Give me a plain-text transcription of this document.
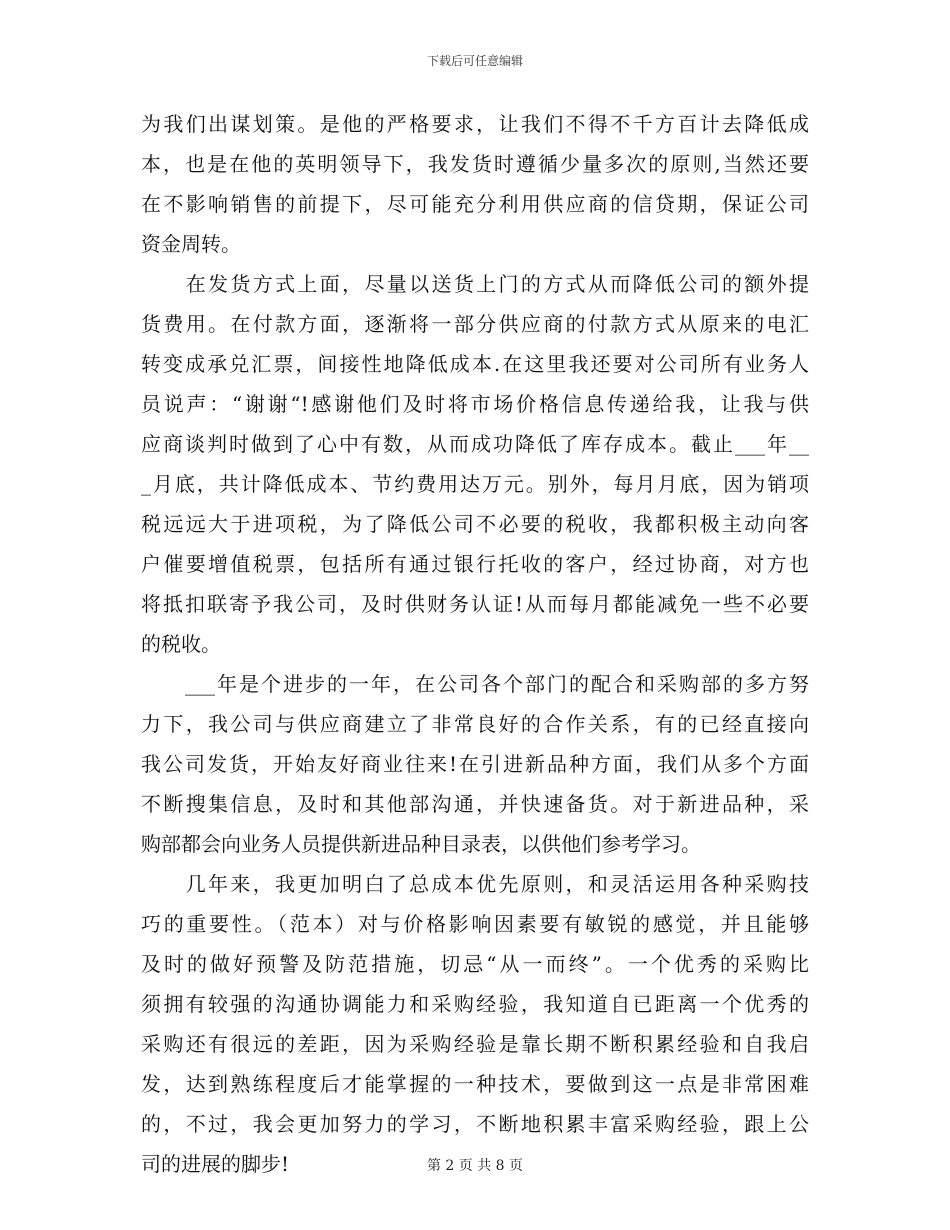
下载后可任意编辑
为我们出谋划策。是他的严格要求，让我们不得不千方百计去降低成
本，也是在他的英明领导下，我发货时遵循少量多次的原则,当然还要
在不影响销售的前提下，尽可能充分利用供应商的信贷期，保证公司
资金周转。
　　在发货方式上面，尽量以送货上门的方式从而降低公司的额外提
货费用。在付款方面，逐渐将一部分供应商的付款方式从原来的电汇
转变成承兑汇票，间接性地降低成本.在这里我还要对公司所有业务人
员说声：“谢谢“!感谢他们及时将市场价格信息传递给我，让我与供
应商谈判时做到了心中有数，从而成功降低了库存成本。截止___年__
_月底，共计降低成本、节约费用达万元。别外，每月月底，因为销项
税远远大于进项税，为了降低公司不必要的税收，我都积极主动向客
户催要增值税票，包括所有通过银行托收的客户，经过协商，对方也
将抵扣联寄予我公司，及时供财务认证!从而每月都能减免一些不必要
的税收。
　　___年是个进步的一年，在公司各个部门的配合和采购部的多方努
力下，我公司与供应商建立了非常良好的合作关系，有的已经直接向
我公司发货，开始友好商业往来!在引进新品种方面，我们从多个方面
不断搜集信息，及时和其他部沟通，并快速备货。对于新进品种，采
购部都会向业务人员提供新进品种目录表，以供他们参考学习。
　　几年来，我更加明白了总成本优先原则，和灵活运用各种采购技
巧的重要性。（范本）对与价格影响因素要有敏锐的感觉，并且能够
及时的做好预警及防范措施，切忌“从一而终”。一个优秀的采购比
须拥有较强的沟通协调能力和采购经验，我知道自已距离一个优秀的
采购还有很远的差距，因为采购经验是靠长期不断积累经验和自我启
发，达到熟练程度后才能掌握的一种技术，要做到这一点是非常困难
的，不过，我会更加努力的学习，不断地积累丰富采购经验，跟上公
司的进展的脚步!	第 2 页 共 8 页
